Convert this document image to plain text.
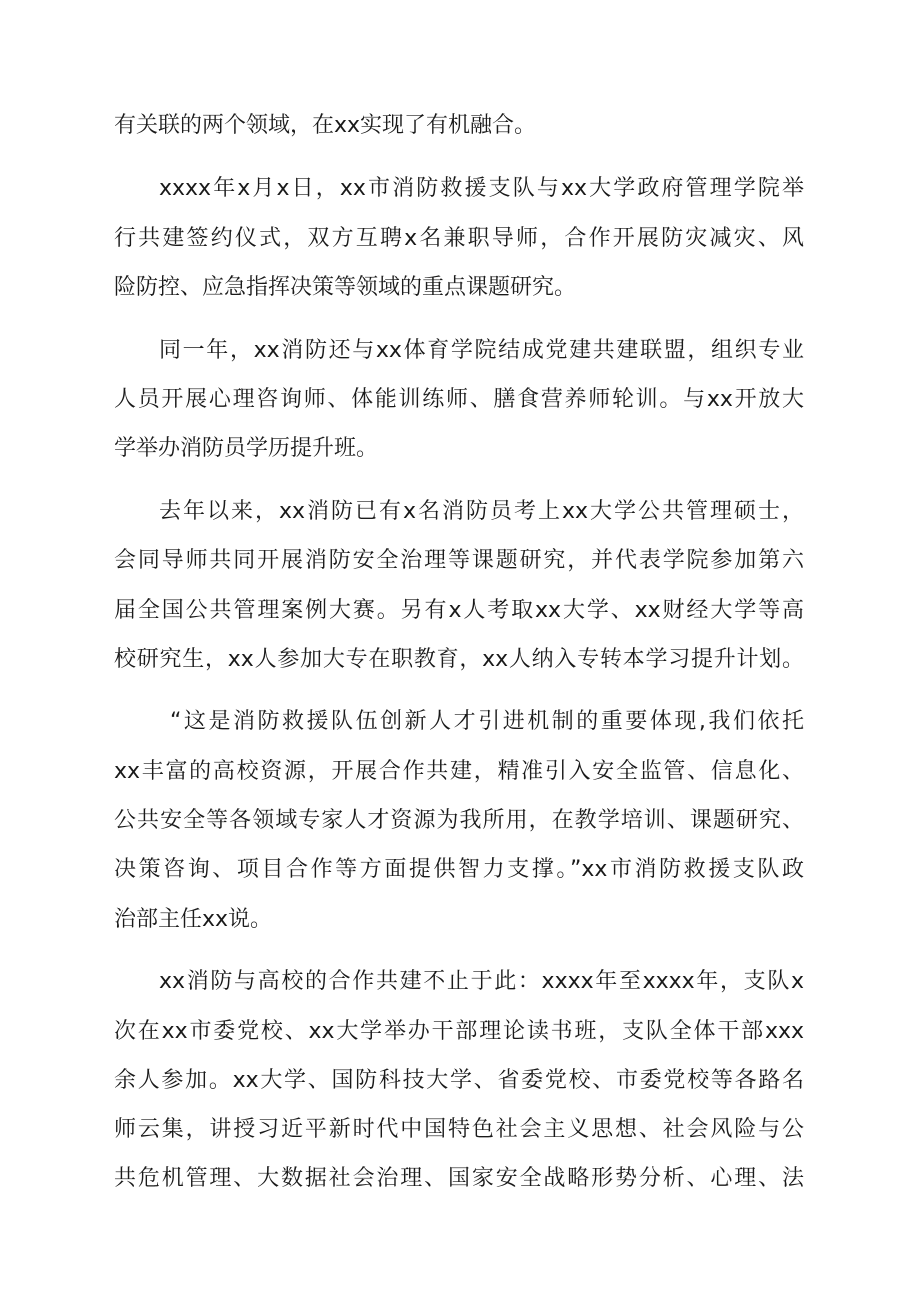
有关联的两个领域，在xx实现了有机融合。
xxxx年x月x日，xx市消防救援支队与xx大学政府管理学院举
行共建签约仪式，双方互聘x名兼职导师，合作开展防灾减灾、风
险防控、应急指挥决策等领域的重点课题研究。
同一年，xx消防还与xx体育学院结成党建共建联盟，组织专业
人员开展心理咨询师、体能训练师、膳食营养师轮训。与xx开放大
学举办消防员学历提升班。
去年以来，xx消防已有x名消防员考上xx大学公共管理硕士，
会同导师共同开展消防安全治理等课题研究，并代表学院参加第六
届全国公共管理案例大赛。另有x人考取xx大学、xx财经大学等高
校研究生，xx人参加大专在职教育，xx人纳入专转本学习提升计划。
“这是消防救援队伍创新人才引进机制的重要体现,我们依托
xx丰富的高校资源，开展合作共建，精准引入安全监管、信息化、
公共安全等各领域专家人才资源为我所用，在教学培训、课题研究、
决策咨询、项目合作等方面提供智力支撑。”xx市消防救援支队政
治部主任xx说。
xx消防与高校的合作共建不止于此：xxxx年至xxxx年，支队x
次在xx市委党校、xx大学举办干部理论读书班，支队全体干部xxx
余人参加。xx大学、国防科技大学、省委党校、市委党校等各路名
师云集，讲授习近平新时代中国特色社会主义思想、社会风险与公
共危机管理、大数据社会治理、国家安全战略形势分析、心理、法
